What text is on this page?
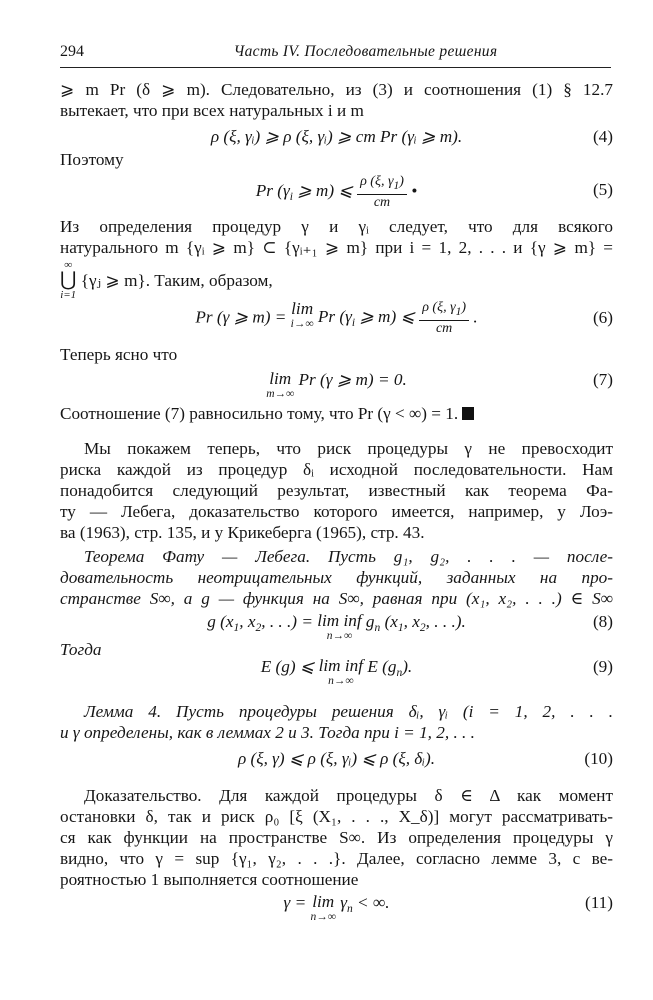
294	Часть IV. Последовательные решения
⩾ m Pr (δ ⩾ m). Следовательно, из (3) и соотношения (1) § 12.7
вытекает, что при всех натуральных i и m
ρ (ξ, γᵢ) ⩾ ρ (ξ, γᵢ) ⩾ cm Pr (γᵢ ⩾ m).	(4)
Поэтому
Pr ($\gamma_i$ ⩾ m) ⩽ $\frac{\rho (\xi, \gamma_1)}{cm}$ •	(5)
Из определения процедур γ и γᵢ следует, что для всякого
натурального m {γᵢ ⩾ m} ⊂ {γᵢ₊₁ ⩾ m} при i = 1, 2, . . . и {γ ⩾ m} =
∞
⋃
i=1 {γⱼ ⩾ m}. Таким, образом,
Pr (γ ⩾ m) = lim
i→∞ Pr ($\gamma_i$ ⩾ m) ⩽ $\frac{\rho (\xi, \gamma_1)}{cm}$ .	(6)
Теперь ясно что
lim
m→∞
Pr (γ ⩾ m) = 0.	(7)
Соотношение (7) равносильно тому, что Pr (γ < ∞) = 1.
Мы покажем теперь, что риск процедуры γ не превосходит
риска каждой из процедур δᵢ исходной последовательности. Нам
понадобится следующий результат, известный как теорема Фа-
ту — Лебега, доказательство которого имеется, например, у Лоэ-
ва (1963), стр. 135, и у Крикеберга (1965), стр. 43.
Теорема Фату — Лебега. Пусть g₁, g₂, . . . — после-
довательность неотрицательных функций, заданных на про-
странстве S∞, а g — функция на S∞, равная при (x₁, x₂, . . .) ∈ S∞
g ($x_1$, $x_2$, . . .) = lim inf
n→∞
$g_n$ ($x_1$, $x_2$, . . .).	(8)
Тогда
E (g) ⩽ lim inf
n→∞
E $(g_n)$.	(9)
Лемма 4. Пусть процедуры решения δᵢ, γᵢ (i = 1, 2, . . .
и γ определены, как в леммах 2 и 3. Тогда при i = 1, 2, . . .
ρ (ξ, γ) ⩽ ρ (ξ, γᵢ) ⩽ ρ (ξ, δᵢ).	(10)
Доказательство. Для каждой процедуры δ ∈ Δ как момент
остановки δ, так и риск ρ₀ [ξ (X₁, . . ., X_δ)] могут рассматривать-
ся как функции на пространстве S∞. Из определения процедуры γ
видно, что γ = sup {γ₁, γ₂, . . .}. Далее, согласно лемме 3, с ве-
роятностью 1 выполняется соотношение
γ = lim
n→∞
$\gamma_n$ < ∞.	(11)
